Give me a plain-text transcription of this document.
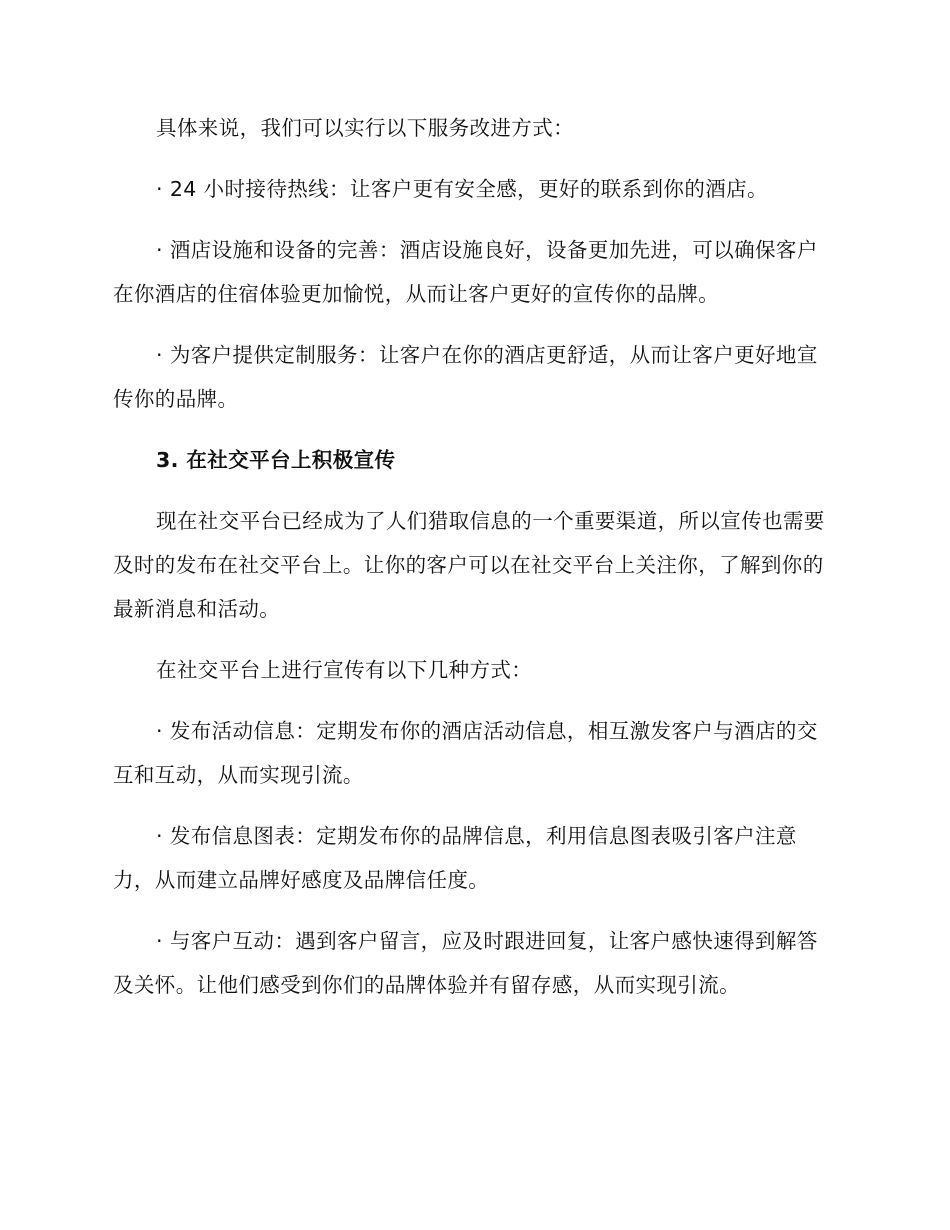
具体来说，我们可以实行以下服务改进方式：

· 24 小时接待热线：让客户更有安全感，更好的联系到你的酒店。

· 酒店设施和设备的完善：酒店设施良好，设备更加先进，可以确保客户在你酒店的住宿体验更加愉悦，从而让客户更好的宣传你的品牌。

· 为客户提供定制服务：让客户在你的酒店更舒适，从而让客户更好地宣传你的品牌。

3. 在社交平台上积极宣传

现在社交平台已经成为了人们猎取信息的一个重要渠道，所以宣传也需要及时的发布在社交平台上。让你的客户可以在社交平台上关注你，了解到你的最新消息和活动。

在社交平台上进行宣传有以下几种方式：

· 发布活动信息：定期发布你的酒店活动信息，相互激发客户与酒店的交互和互动，从而实现引流。

· 发布信息图表：定期发布你的品牌信息，利用信息图表吸引客户注意力，从而建立品牌好感度及品牌信任度。

· 与客户互动：遇到客户留言，应及时跟进回复，让客户感快速得到解答及关怀。让他们感受到你们的品牌体验并有留存感，从而实现引流。
